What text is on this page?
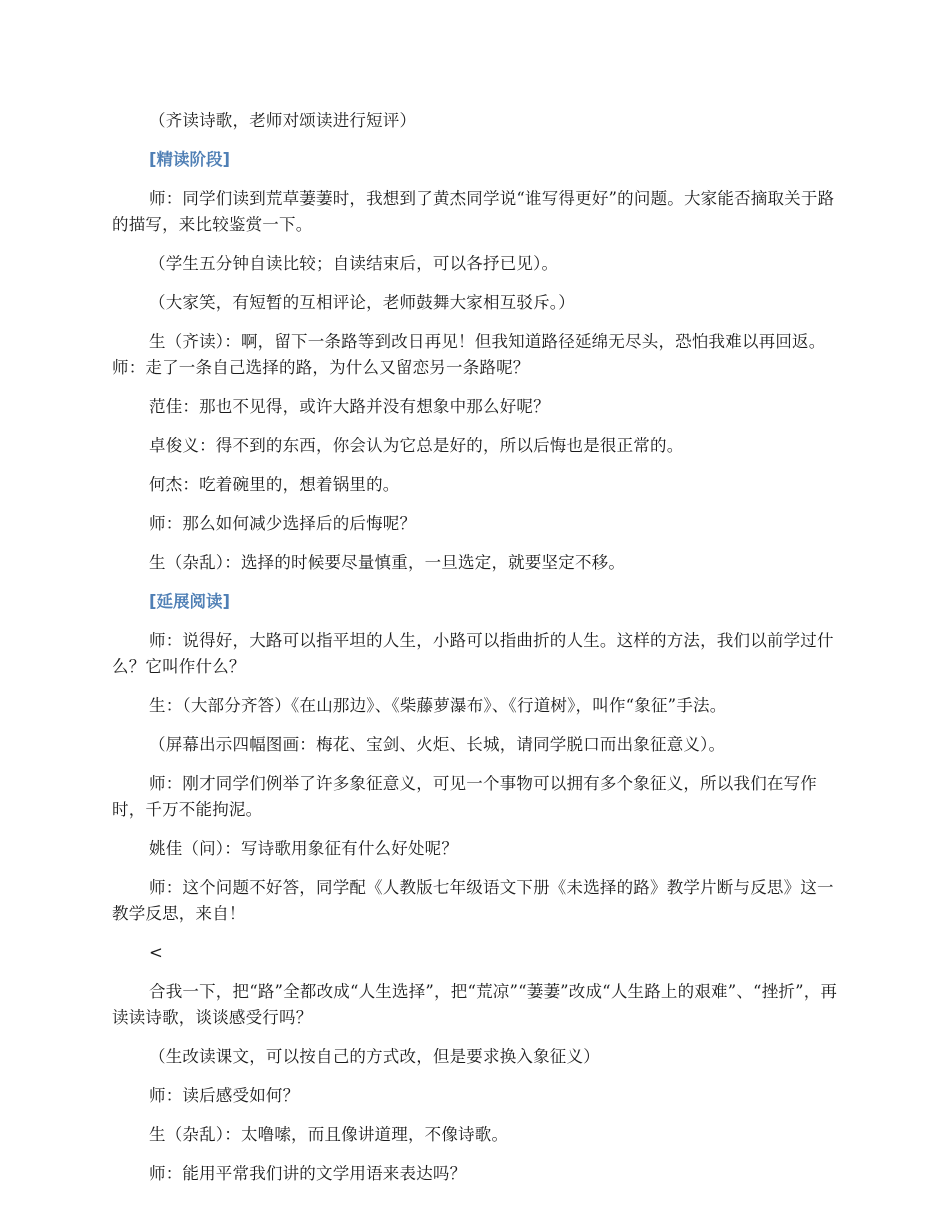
（齐读诗歌，老师对颂读进行短评）

[精读阶段]

师：同学们读到荒草萋萋时，我想到了黄杰同学说“谁写得更好”的问题。大家能否摘取关于路的描写，来比较鉴赏一下。

（学生五分钟自读比较；自读结束后，可以各抒已见）。

（大家笑，有短暂的互相评论，老师鼓舞大家相互驳斥。）

生（齐读）：啊，留下一条路等到改日再见！但我知道路径延绵无尽头，恐怕我难以再回返。 师：走了一条自己选择的路，为什么又留恋另一条路呢？

范佳：那也不见得，或许大路并没有想象中那么好呢？

卓俊义：得不到的东西，你会认为它总是好的，所以后悔也是很正常的。

何杰：吃着碗里的，想着锅里的。

师：那么如何减少选择后的后悔呢？

生（杂乱）：选择的时候要尽量慎重，一旦选定，就要坚定不移。

[延展阅读]

师：说得好，大路可以指平坦的人生，小路可以指曲折的人生。这样的方法，我们以前学过什么？它叫作什么？

生：（大部分齐答）《在山那边》、《柴藤萝瀑布》、《行道树》，叫作“象征”手法。

（屏幕出示四幅图画：梅花、宝剑、火炬、长城，请同学脱口而出象征意义）。

师：刚才同学们例举了许多象征意义，可见一个事物可以拥有多个象征义，所以我们在写作时，千万不能拘泥。

姚佳（问）：写诗歌用象征有什么好处呢？

师：这个问题不好答，同学配《人教版七年级语文下册《未选择的路》教学片断与反思》这一教学反思，来自！

<

合我一下，把“路”全都改成“人生选择”，把“荒凉”“萋萋”改成“人生路上的艰难”、“挫折”，再读读诗歌，谈谈感受行吗？

（生改读课文，可以按自己的方式改，但是要求换入象征义）

师：读后感受如何？

生（杂乱）：太噜嗦，而且像讲道理，不像诗歌。

师：能用平常我们讲的文学用语来表达吗？
